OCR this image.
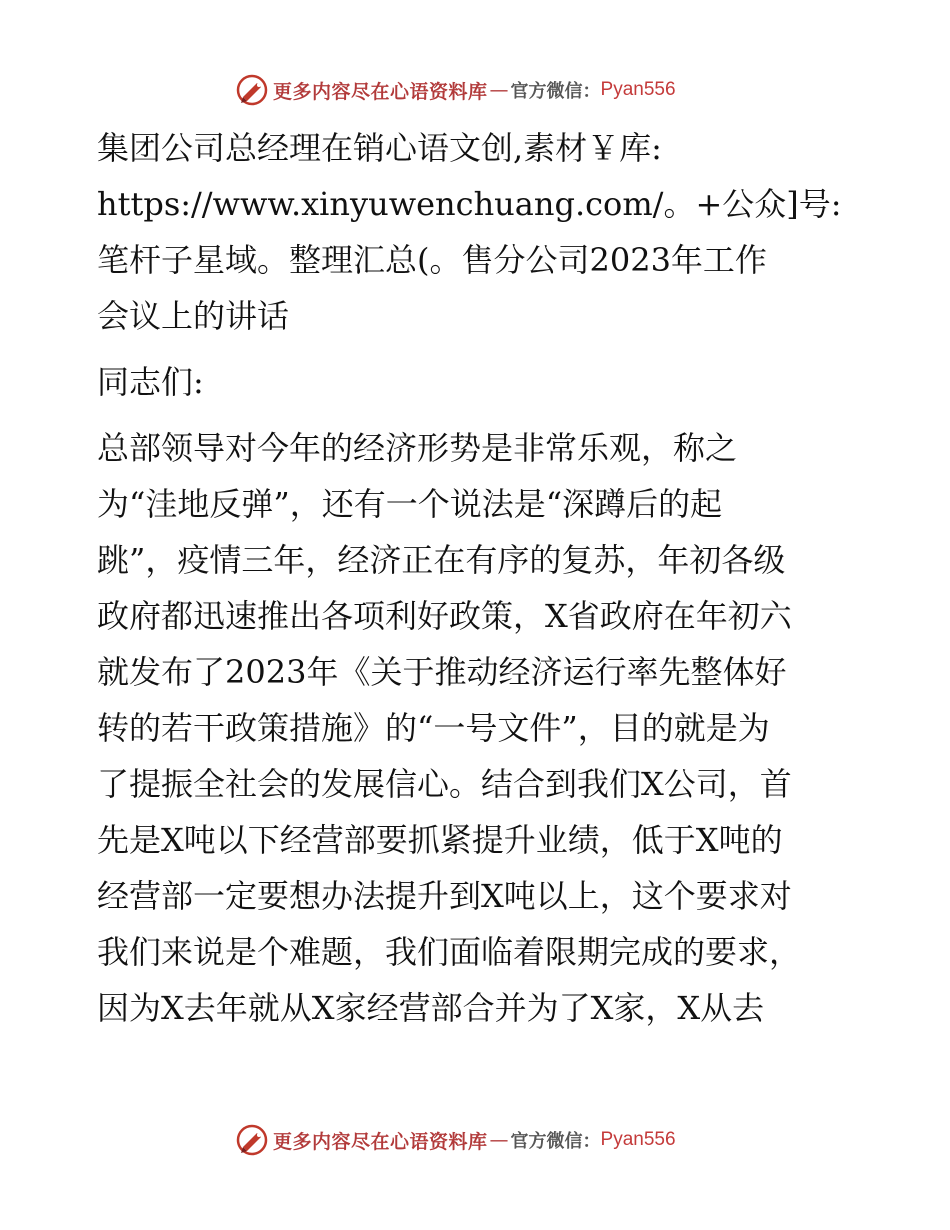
更多内容尽在心语资料库 — 官方微信： Pyan556
集团公司总经理在销心语文创,素材￥库:
https://www.xinyuwenchuang.com/。+公众]号:
笔杆子星域。整理汇总(。售分公司2023年工作
会议上的讲话
同志们:
总部领导对今年的经济形势是非常乐观，称之
为“洼地反弹”，还有一个说法是“深蹲后的起
跳”，疫情三年，经济正在有序的复苏，年初各级
政府都迅速推出各项利好政策，X省政府在年初六
就发布了2023年《关于推动经济运行率先整体好
转的若干政策措施》的“一号文件”，目的就是为
了提振全社会的发展信心。结合到我们X公司，首
先是X吨以下经营部要抓紧提升业绩，低于X吨的
经营部一定要想办法提升到X吨以上，这个要求对
我们来说是个难题，我们面临着限期完成的要求，
因为X去年就从X家经营部合并为了X家，X从去
更多内容尽在心语资料库 — 官方微信： Pyan556
